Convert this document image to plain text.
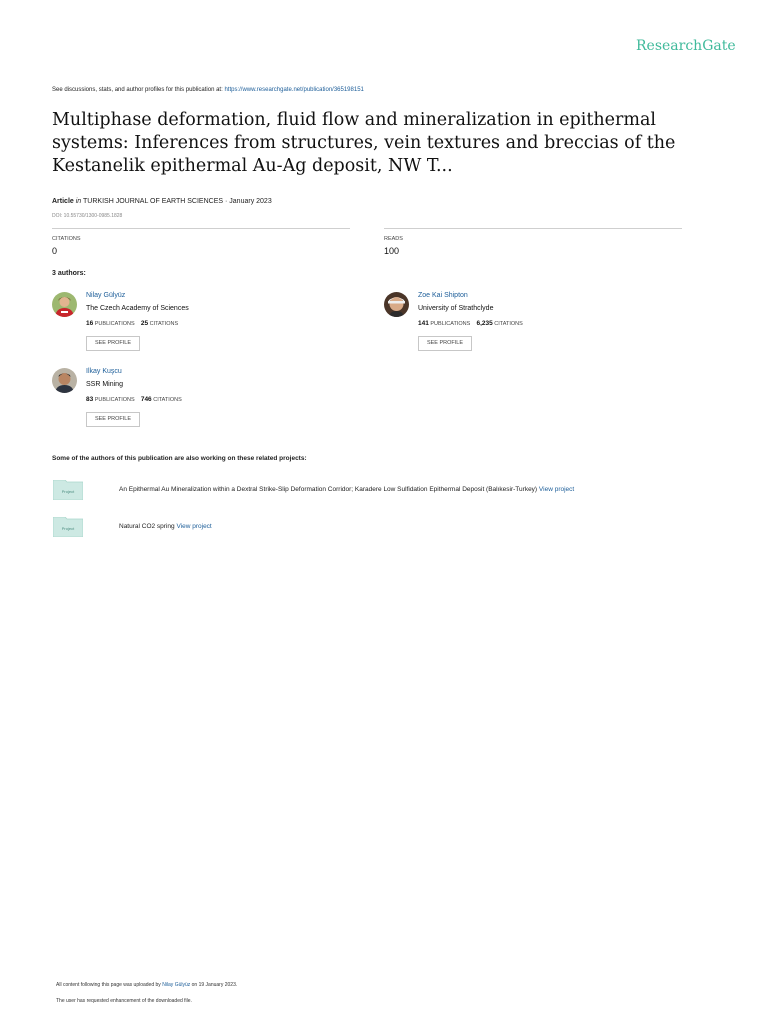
ResearchGate
See discussions, stats, and author profiles for this publication at: https://www.researchgate.net/publication/365198151
Multiphase deformation, fluid flow and mineralization in epithermal systems: Inferences from structures, vein textures and breccias of the Kestanelik epithermal Au-Ag deposit, NW T...
Article in TURKISH JOURNAL OF EARTH SCIENCES · January 2023
DOI: 10.55730/1300-0985.1828
CITATIONS
0
READS
100
3 authors:
Nilay Gülyüz
The Czech Academy of Sciences
16 PUBLICATIONS 25 CITATIONS
SEE PROFILE
Zoe Kai Shipton
University of Strathclyde
141 PUBLICATIONS 6,235 CITATIONS
SEE PROFILE
Ilkay Kuşcu
SSR Mining
83 PUBLICATIONS 746 CITATIONS
SEE PROFILE
Some of the authors of this publication are also working on these related projects:
Project	An Epithermal Au Mineralization within a Dextral Strike-Slip Deformation Corridor; Karadere Low Sulfidation Epithermal Deposit (Balıkesir-Turkey) View project
Project	Natural CO2 spring View project
All content following this page was uploaded by Nilay Gülyüz on 19 January 2023.
The user has requested enhancement of the downloaded file.
